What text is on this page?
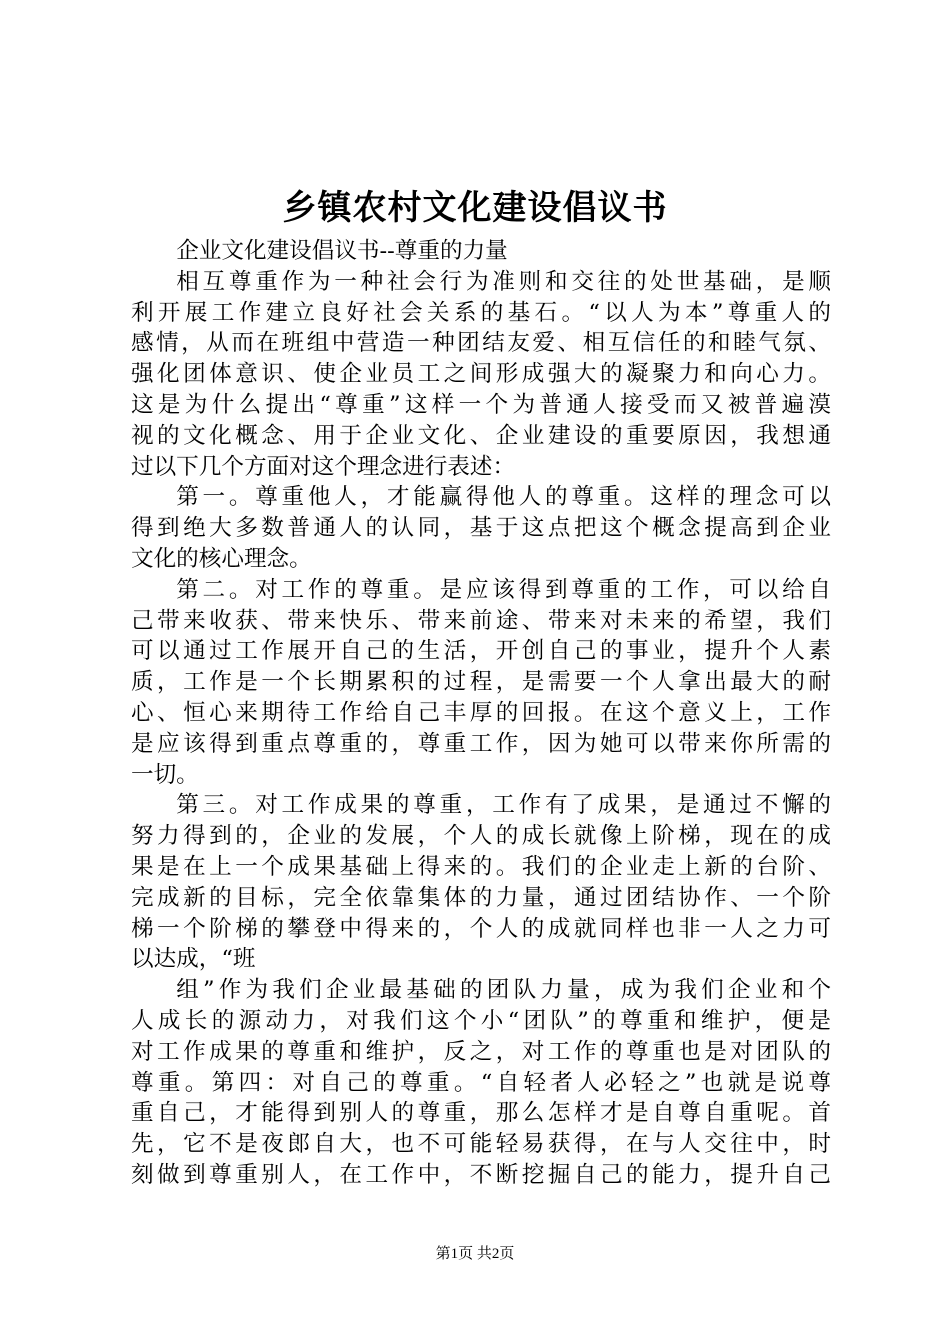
乡镇农村文化建设倡议书
企业文化建设倡议书--尊重的力量
相互尊重作为一种社会行为准则和交往的处世基础，是顺
利开展工作建立良好社会关系的基石。“以人为本”尊重人的
感情，从而在班组中营造一种团结友爱、相互信任的和睦气氛、
强化团体意识、使企业员工之间形成强大的凝聚力和向心力。
这是为什么提出“尊重”这样一个为普通人接受而又被普遍漠
视的文化概念、用于企业文化、企业建设的重要原因，我想通
过以下几个方面对这个理念进行表述：
第一。尊重他人，才能赢得他人的尊重。这样的理念可以
得到绝大多数普通人的认同，基于这点把这个概念提高到企业
文化的核心理念。
第二。对工作的尊重。是应该得到尊重的工作，可以给自
己带来收获、带来快乐、带来前途、带来对未来的希望，我们
可以通过工作展开自己的生活，开创自己的事业，提升个人素
质，工作是一个长期累积的过程，是需要一个人拿出最大的耐
心、恒心来期待工作给自己丰厚的回报。在这个意义上，工作
是应该得到重点尊重的，尊重工作，因为她可以带来你所需的
一切。
第三。对工作成果的尊重，工作有了成果，是通过不懈的
努力得到的，企业的发展，个人的成长就像上阶梯，现在的成
果是在上一个成果基础上得来的。我们的企业走上新的台阶、
完成新的目标，完全依靠集体的力量，通过团结协作、一个阶
梯一个阶梯的攀登中得来的，个人的成就同样也非一人之力可
以达成，“班
组”作为我们企业最基础的团队力量，成为我们企业和个
人成长的源动力，对我们这个小“团队”的尊重和维护，便是
对工作成果的尊重和维护，反之，对工作的尊重也是对团队的
尊重。第四：对自己的尊重。“自轻者人必轻之”也就是说尊
重自己，才能得到别人的尊重，那么怎样才是自尊自重呢。首
先，它不是夜郎自大，也不可能轻易获得，在与人交往中，时
刻做到尊重别人，在工作中，不断挖掘自己的能力，提升自己
第1页 共2页
